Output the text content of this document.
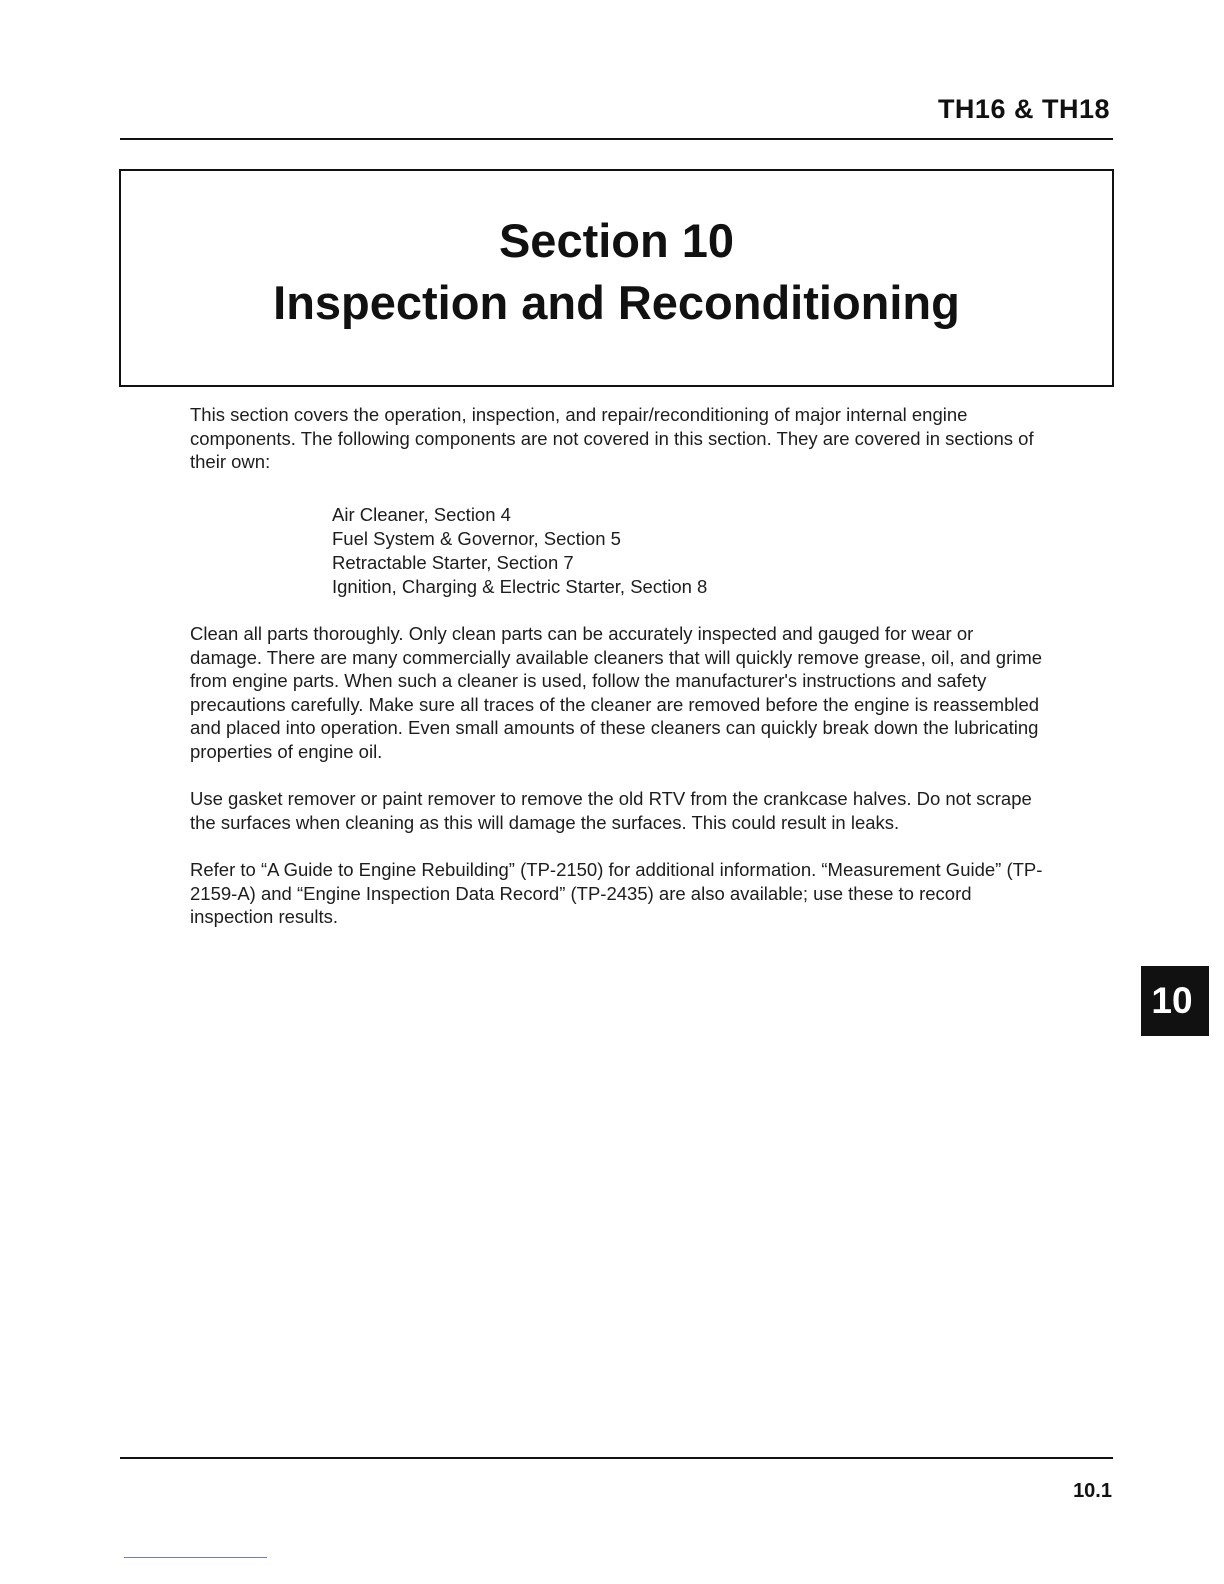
TH16 & TH18
Section 10
Inspection and Reconditioning

This section covers the operation, inspection, and repair/reconditioning of major internal engine components. The following components are not covered in this section. They are covered in sections of their own:

Air Cleaner, Section 4
Fuel System & Governor, Section 5
Retractable Starter, Section 7
Ignition, Charging & Electric Starter, Section 8

Clean all parts thoroughly. Only clean parts can be accurately inspected and gauged for wear or damage. There are many commercially available cleaners that will quickly remove grease, oil, and grime from engine parts. When such a cleaner is used, follow the manufacturer's instructions and safety precautions carefully. Make sure all traces of the cleaner are removed before the engine is reassembled and placed into operation. Even small amounts of these cleaners can quickly break down the lubricating properties of engine oil.

Use gasket remover or paint remover to remove the old RTV from the crankcase halves. Do not scrape the surfaces when cleaning as this will damage the surfaces. This could result in leaks.

Refer to “A Guide to Engine Rebuilding” (TP-2150) for additional information. “Measurement Guide” (TP-2159-A) and “Engine Inspection Data Record” (TP-2435) are also available; use these to record inspection results.

10
10.1
